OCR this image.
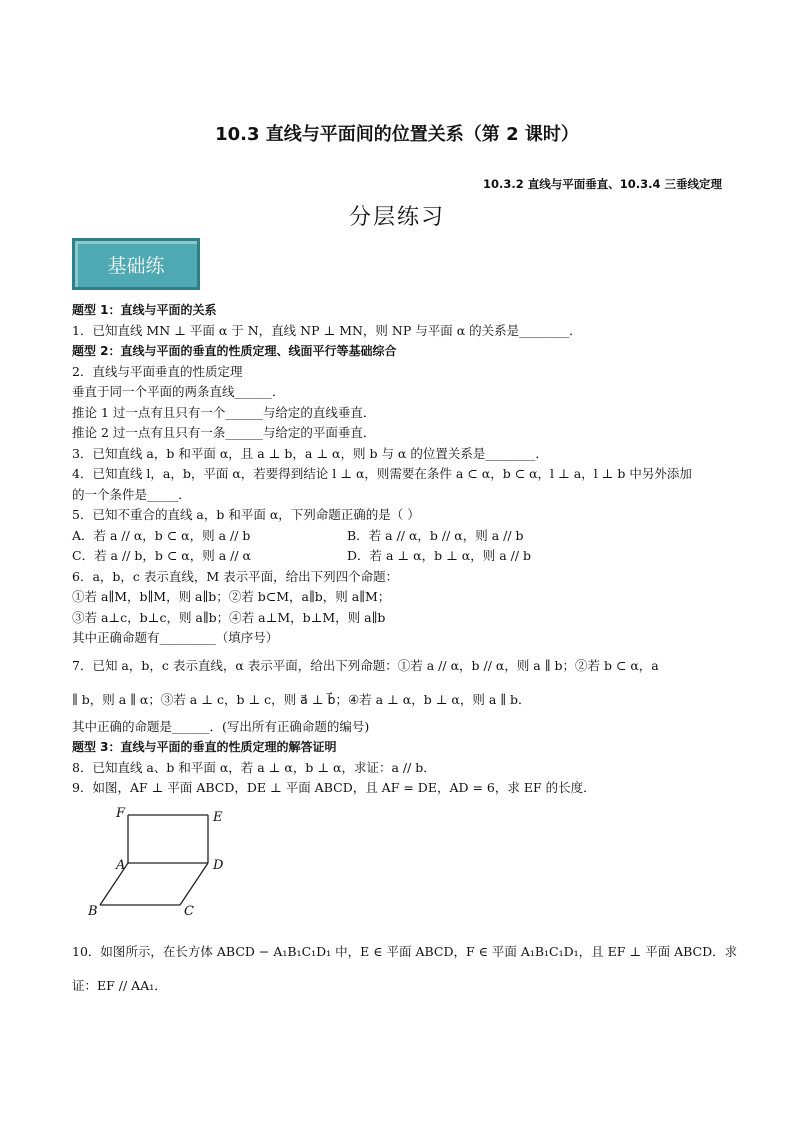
10.3 直线与平面间的位置关系（第 2 课时）
10.3.2 直线与平面垂直、10.3.4 三垂线定理
分层练习
基础练
题型 1：直线与平面的关系
1．已知直线 MN ⊥ 平面 α 于 N，直线 NP ⊥ MN，则 NP 与平面 α 的关系是________．
题型 2：直线与平面的垂直的性质定理、线面平行等基础综合
2．直线与平面垂直的性质定理
垂直于同一个平面的两条直线______．
推论 1 过一点有且只有一个______与给定的直线垂直．
推论 2 过一点有且只有一条______与给定的平面垂直．
3．已知直线 a，b 和平面 α，且 a ⊥ b，a ⊥ α，则 b 与 α 的位置关系是________．
4．已知直线 l，a，b，平面 α，若要得到结论 l ⊥ α，则需要在条件 a ⊂ α，b ⊂ α，l ⊥ a，l ⊥ b 中另外添加
的一个条件是_____．
5．已知不重合的直线 a，b 和平面 α，下列命题正确的是（ ）
A．若 a // α，b ⊂ α，则 a // b	B．若 a // α，b // α，则 a // b
C．若 a // b，b ⊂ α，则 a // α	D．若 a ⊥ α，b ⊥ α，则 a // b
6．a，b，c 表示直线，M 表示平面，给出下列四个命题：
①若 a∥M，b∥M，则 a∥b；②若 b⊂M，a∥b，则 a∥M；
③若 a⊥c，b⊥c，则 a∥b；④若 a⊥M，b⊥M，则 a∥b
其中正确命题有_________（填序号）
7．已知 a，b，c 表示直线，α 表示平面，给出下列命题：①若 a // α，b // α，则 a ∥ b；②若 b ⊂ α，a
∥ b，则 a ∥ α；③若 a ⊥ c，b ⊥ c，则 a⃗ ⊥ b⃗；④若 a ⊥ α，b ⊥ α，则 a ∥ b．
其中正确的命题是______．(写出所有正确命题的编号)
题型 3：直线与平面的垂直的性质定理的解答证明
8．已知直线 a、b 和平面 α，若 a ⊥ α，b ⊥ α，求证：a // b．
9．如图，AF ⊥ 平面 ABCD，DE ⊥ 平面 ABCD，且 AF = DE，AD = 6，求 EF 的长度．
F	E
A	D
B	C
10．如图所示，在长方体 ABCD − A₁B₁C₁D₁ 中，E ∈ 平面 ABCD，F ∈ 平面 A₁B₁C₁D₁，且 EF ⊥ 平面 ABCD．求
证：EF // AA₁．
